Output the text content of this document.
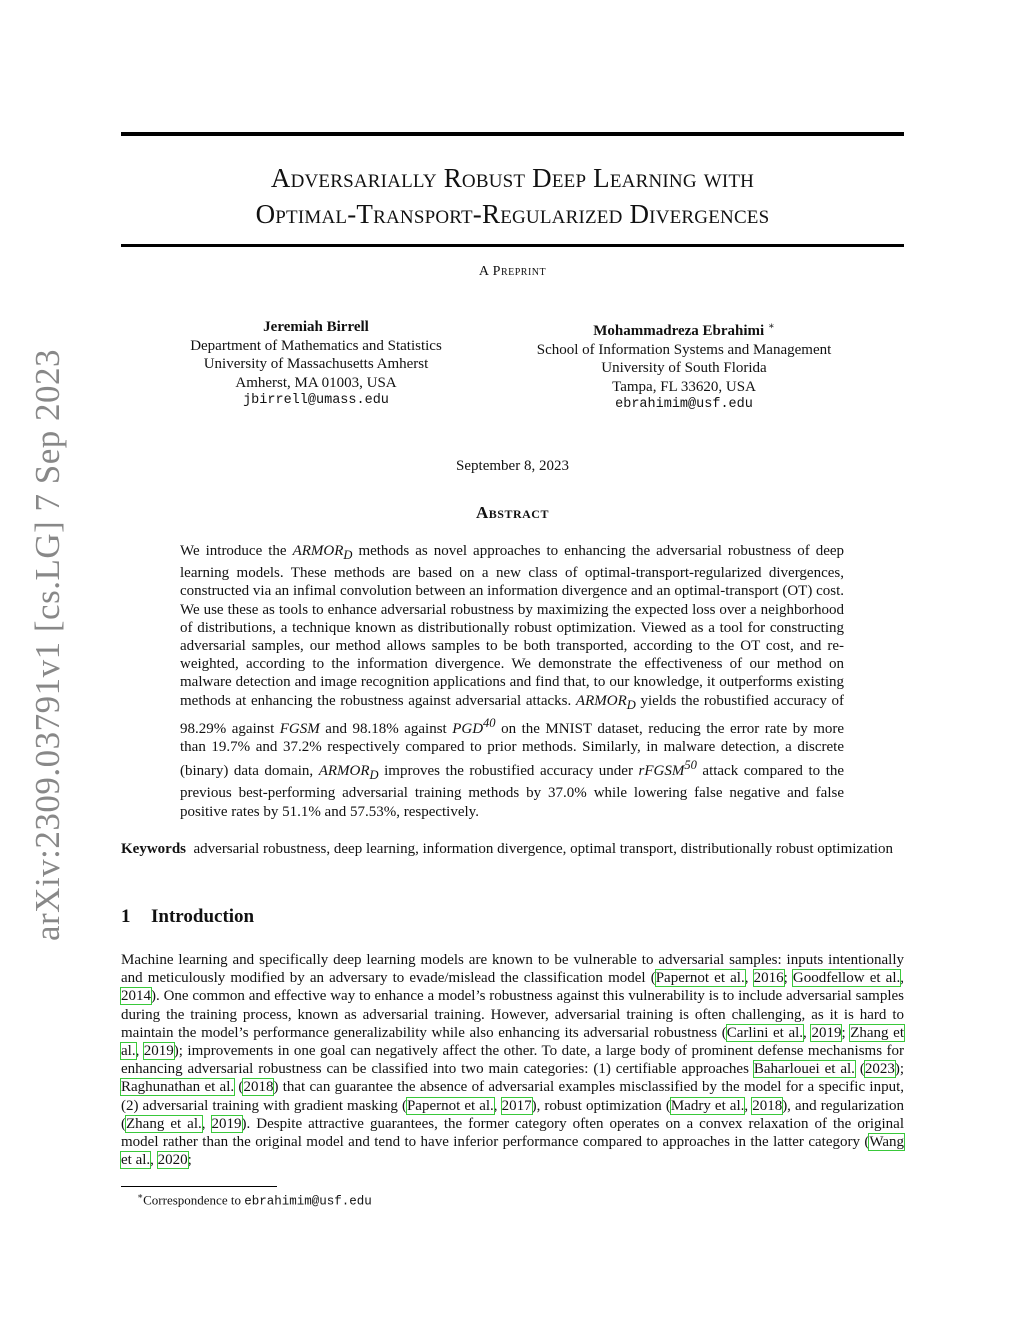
arXiv:2309.03791v1 [cs.LG] 7 Sep 2023
Adversarially Robust Deep Learning with
Optimal-Transport-Regularized Divergences
A Preprint
Jeremiah Birrell
Department of Mathematics and Statistics
University of Massachusetts Amherst
Amherst, MA 01003, USA
jbirrell@umass.edu
Mohammadreza Ebrahimi ∗
School of Information Systems and Management
University of South Florida
Tampa, FL 33620, USA
ebrahimim@usf.edu
September 8, 2023
Abstract
We introduce the $ARMOR_D$ methods as novel approaches to enhancing the adversarial robustness of deep learning models. These methods are based on a new class of optimal-transport-regularized divergences, constructed via an infimal convolution between an information divergence and an optimal-transport (OT) cost. We use these as tools to enhance adversarial robustness by maximizing the expected loss over a neighborhood of distributions, a technique known as distributionally robust optimization. Viewed as a tool for constructing adversarial samples, our method allows samples to be both transported, according to the OT cost, and re-weighted, according to the information divergence. We demonstrate the effectiveness of our method on malware detection and image recognition applications and find that, to our knowledge, it outperforms existing methods at enhancing the robustness against adversarial attacks. $ARMOR_D$ yields the robustified accuracy of 98.29% against FGSM and 98.18% against PGD$^{40}$ on the MNIST dataset, reducing the error rate by more than 19.7% and 37.2% respectively compared to prior methods. Similarly, in malware detection, a discrete (binary) data domain, $ARMOR_D$ improves the robustified accuracy under rFGSM$^{50}$ attack compared to the previous best-performing adversarial training methods by 37.0% while lowering false negative and false positive rates by 51.1% and 57.53%, respectively.
Keywords adversarial robustness, deep learning, information divergence, optimal transport, distributionally robust optimization
1 Introduction
Machine learning and specifically deep learning models are known to be vulnerable to adversarial samples: inputs intentionally and meticulously modified by an adversary to evade/mislead the classification model (Papernot et al., 2016; Goodfellow et al., 2014). One common and effective way to enhance a model’s robustness against this vulnerability is to include adversarial samples during the training process, known as adversarial training. However, adversarial training is often challenging, as it is hard to maintain the model’s performance generalizability while also enhancing its adversarial robustness (Carlini et al., 2019; Zhang et al., 2019); improvements in one goal can negatively affect the other. To date, a large body of prominent defense mechanisms for enhancing adversarial robustness can be classified into two main categories: (1) certifiable approaches Baharlouei et al. (2023); Raghunathan et al. (2018) that can guarantee the absence of adversarial examples misclassified by the model for a specific input, (2) adversarial training with gradient masking (Papernot et al., 2017), robust optimization (Madry et al., 2018), and regularization (Zhang et al., 2019). Despite attractive guarantees, the former category often operates on a convex relaxation of the original model rather than the original model and tend to have inferior performance compared to approaches in the latter category (Wang et al., 2020;
∗Correspondence to ebrahimim@usf.edu
